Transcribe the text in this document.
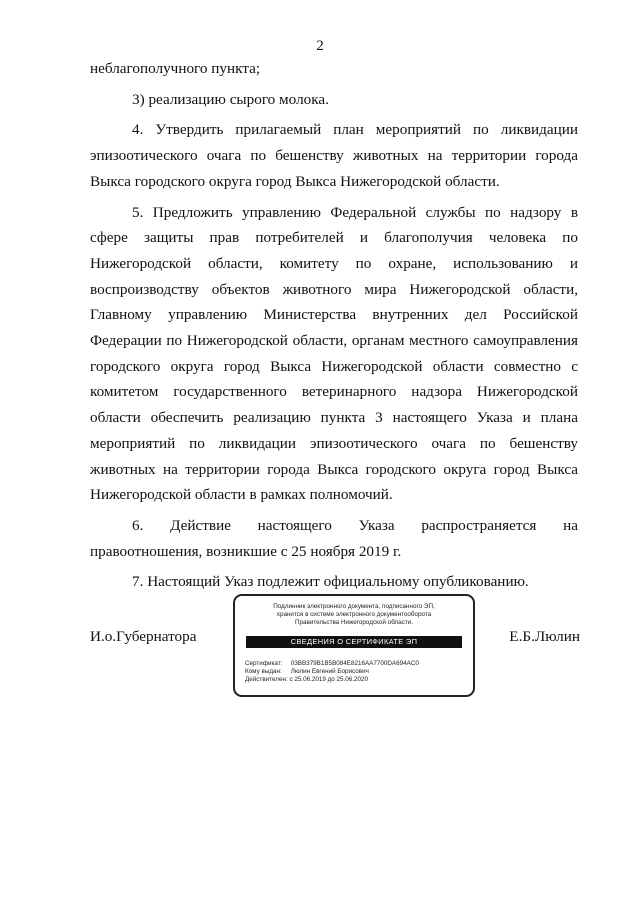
2

неблагополучного пункта;

3) реализацию сырого молока.

4. Утвердить прилагаемый план мероприятий по ликвидации эпизоотического очага по бешенству животных на территории города Выкса городского округа город Выкса Нижегородской области.

5. Предложить управлению Федеральной службы по надзору в сфере защиты прав потребителей и благополучия человека по Нижегородской области, комитету по охране, использованию и воспроизводству объектов животного мира Нижегородской области, Главному управлению Министерства внутренних дел Российской Федерации по Нижегородской области, органам местного самоуправления городского округа город Выкса Нижегородской области совместно с комитетом государственного ветеринарного надзора Нижегородской области обеспечить реализацию пункта 3 настоящего Указа и плана мероприятий по ликвидации эпизоотического очага по бешенству животных на территории города Выкса городского округа город Выкса Нижегородской области в рамках полномочий.

6. Действие настоящего Указа распространяется на правоотношения, возникшие с 25 ноября 2019 г.

7. Настоящий Указ подлежит официальному опубликованию.

И.о.Губернатора	Е.Б.Люлин
Подлинник электронного документа, подписанного ЭП,
хранится в системе электронного документооборота
Правительства Нижегородской области.
СВЕДЕНИЯ О СЕРТИФИКАТЕ ЭП
Сертификат: 03BB379B1B5B084E8216AA7700DA694AC0
Кому выдан: Люлин Евгений Борисович
Действителен: с 25.06.2019 до 25.06.2020
